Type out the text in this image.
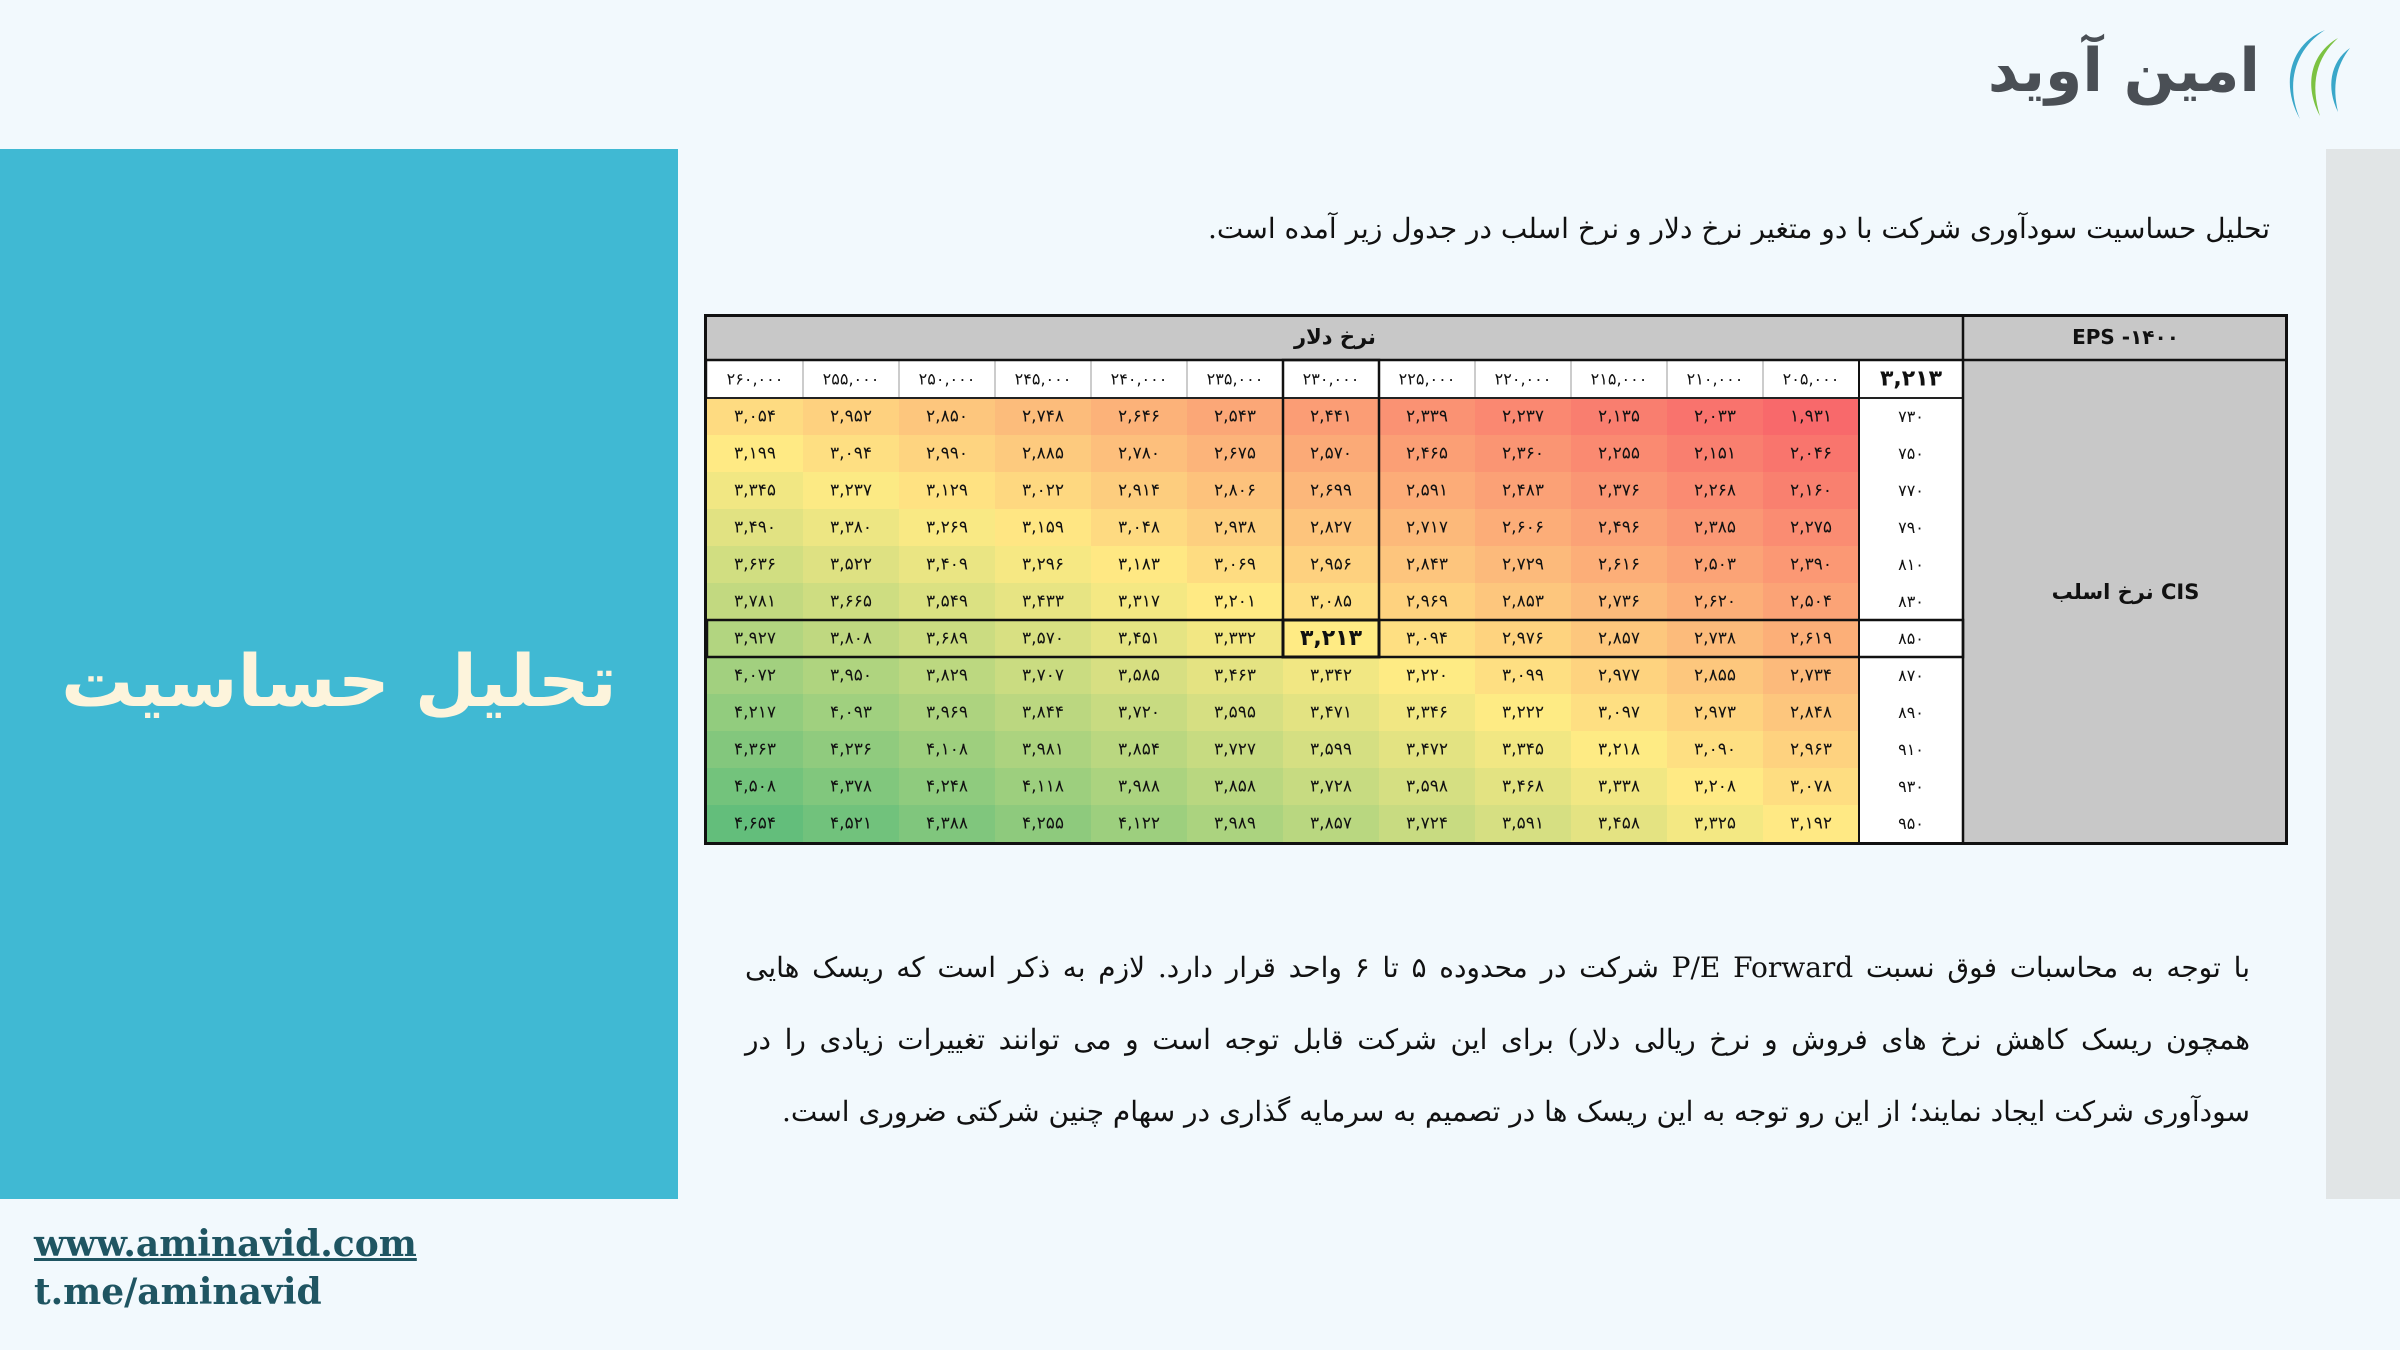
امین آوید
تحلیل حساسیت
www.aminavid.com
t.me/aminavid
تحلیل حساسیت سودآوری شرکت با دو متغیر نرخ دلار و نرخ اسلب در جدول زیر آمده است.
۱,۹۳۱
۲,۰۳۳
۲,۱۳۵
۲,۲۳۷
۲,۳۳۹
۲,۴۴۱
۲,۵۴۳
۲,۶۴۶
۲,۷۴۸
۲,۸۵۰
۲,۹۵۲
۳,۰۵۴
۲,۰۴۶
۲,۱۵۱
۲,۲۵۵
۲,۳۶۰
۲,۴۶۵
۲,۵۷۰
۲,۶۷۵
۲,۷۸۰
۲,۸۸۵
۲,۹۹۰
۳,۰۹۴
۳,۱۹۹
۲,۱۶۰
۲,۲۶۸
۲,۳۷۶
۲,۴۸۳
۲,۵۹۱
۲,۶۹۹
۲,۸۰۶
۲,۹۱۴
۳,۰۲۲
۳,۱۲۹
۳,۲۳۷
۳,۳۴۵
۲,۲۷۵
۲,۳۸۵
۲,۴۹۶
۲,۶۰۶
۲,۷۱۷
۲,۸۲۷
۲,۹۳۸
۳,۰۴۸
۳,۱۵۹
۳,۲۶۹
۳,۳۸۰
۳,۴۹۰
۲,۳۹۰
۲,۵۰۳
۲,۶۱۶
۲,۷۲۹
۲,۸۴۳
۲,۹۵۶
۳,۰۶۹
۳,۱۸۳
۳,۲۹۶
۳,۴۰۹
۳,۵۲۲
۳,۶۳۶
۲,۵۰۴
۲,۶۲۰
۲,۷۳۶
۲,۸۵۳
۲,۹۶۹
۳,۰۸۵
۳,۲۰۱
۳,۳۱۷
۳,۴۳۳
۳,۵۴۹
۳,۶۶۵
۳,۷۸۱
۲,۶۱۹
۲,۷۳۸
۲,۸۵۷
۲,۹۷۶
۳,۰۹۴
۳,۲۱۳
۳,۳۳۲
۳,۴۵۱
۳,۵۷۰
۳,۶۸۹
۳,۸۰۸
۳,۹۲۷
۲,۷۳۴
۲,۸۵۵
۲,۹۷۷
۳,۰۹۹
۳,۲۲۰
۳,۳۴۲
۳,۴۶۳
۳,۵۸۵
۳,۷۰۷
۳,۸۲۹
۳,۹۵۰
۴,۰۷۲
۲,۸۴۸
۲,۹۷۳
۳,۰۹۷
۳,۲۲۲
۳,۳۴۶
۳,۴۷۱
۳,۵۹۵
۳,۷۲۰
۳,۸۴۴
۳,۹۶۹
۴,۰۹۳
۴,۲۱۷
۲,۹۶۳
۳,۰۹۰
۳,۲۱۸
۳,۳۴۵
۳,۴۷۲
۳,۵۹۹
۳,۷۲۷
۳,۸۵۴
۳,۹۸۱
۴,۱۰۸
۴,۲۳۶
۴,۳۶۳
۳,۰۷۸
۳,۲۰۸
۳,۳۳۸
۳,۴۶۸
۳,۵۹۸
۳,۷۲۸
۳,۸۵۸
۳,۹۸۸
۴,۱۱۸
۴,۲۴۸
۴,۳۷۸
۴,۵۰۸
۳,۱۹۲
۳,۳۲۵
۳,۴۵۸
۳,۵۹۱
۳,۷۲۴
۳,۸۵۷
۳,۹۸۹
۴,۱۲۲
۴,۲۵۵
۴,۳۸۸
۴,۵۲۱
۴,۶۵۴
۲۰۵,۰۰۰
۲۱۰,۰۰۰
۲۱۵,۰۰۰
۲۲۰,۰۰۰
۲۲۵,۰۰۰
۲۳۰,۰۰۰
۲۳۵,۰۰۰
۲۴۰,۰۰۰
۲۴۵,۰۰۰
۲۵۰,۰۰۰
۲۵۵,۰۰۰
۲۶۰,۰۰۰	۳,۲۱۳
۷۳۰
۷۵۰
۷۷۰
۷۹۰
۸۱۰
۸۳۰
۸۵۰
۸۷۰
۸۹۰
۹۱۰
۹۳۰
۹۵۰
نرخ دلار	EPS -۱۴۰۰
نرخ اسلب CIS
با توجه به محاسبات فوق نسبت P/E Forward شرکت در محدوده ۵ تا ۶ واحد قرار دارد. لازم به ذکر است که ریسک هایی همچون ریسک کاهش نرخ های فروش و نرخ ریالی دلار) برای این شرکت قابل توجه است و می توانند تغییرات زیادی را در سودآوری شرکت ایجاد نمایند؛ از این رو توجه به این ریسک ها در تصمیم به سرمایه گذاری در سهام چنین شرکتی ضروری است.
